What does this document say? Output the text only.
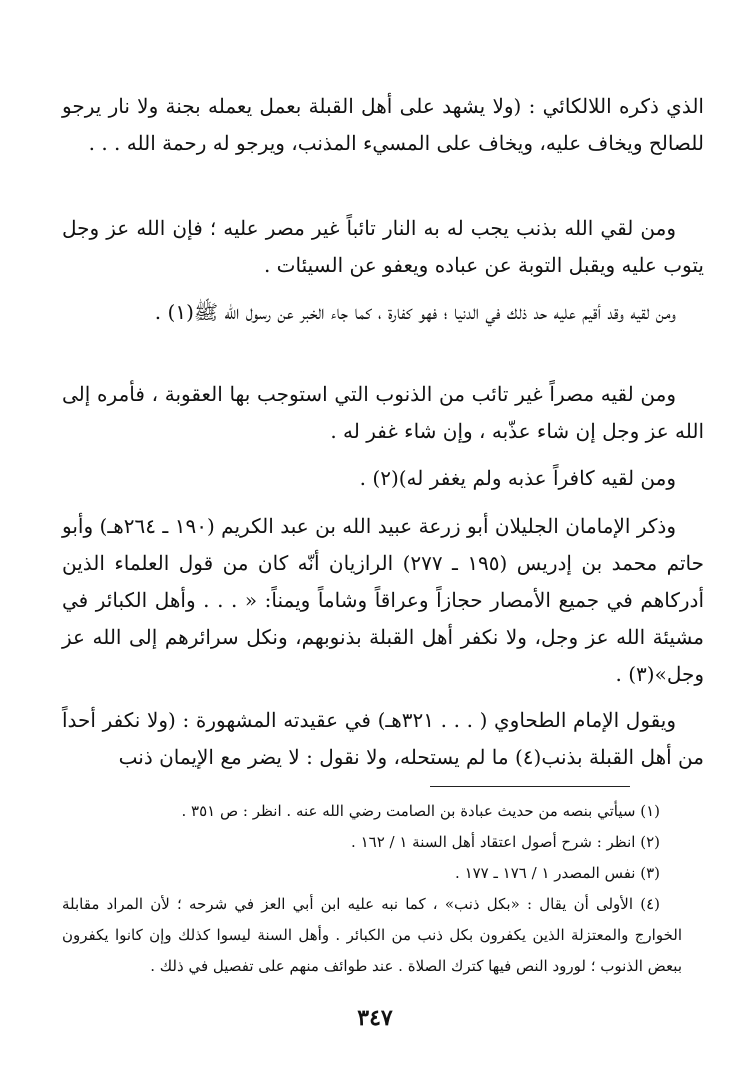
الذي ذكره اللالكائي : (ولا يشهد على أهل القبلة بعمل يعمله بجنة ولا نار يرجو للصالح ويخاف عليه، ويخاف على المسيء المذنب، ويرجو له رحمة الله . . .

ومن لقي الله بذنب يجب له به النار تائباً غير مصر عليه ؛ فإن الله عز وجل يتوب عليه ويقبل التوبة عن عباده ويعفو عن السيئات .

ومن لقيه وقد أقيم عليه حد ذلك في الدنيا ؛ فهو كفارة ، كما جاء الخبر عن رسول الله ﷺ(١) .

ومن لقيه مصراً غير تائب من الذنوب التي استوجب بها العقوبة ، فأمره إلى الله عز وجل إن شاء عذّبه ، وإن شاء غفر له .

ومن لقيه كافراً عذبه ولم يغفر له)(٢) .

وذكر الإمامان الجليلان أبو زرعة عبيد الله بن عبد الكريم (١٩٠ ـ ٢٦٤هـ) وأبو حاتم محمد بن إدريس (١٩٥ ـ ٢٧٧) الرازيان أنّه كان من قول العلماء الذين أدركاهم في جميع الأمصار حجازاً وعراقاً وشاماً ويمناً: « . . . وأهل الكبائر في مشيئة الله عز وجل، ولا نكفر أهل القبلة بذنوبهم، ونكل سرائرهم إلى الله عز وجل»(٣) .

ويقول الإمام الطحاوي ( . . . ٣٢١هـ) في عقيدته المشهورة : (ولا نكفر أحداً من أهل القبلة بذنب(٤) ما لم يستحله، ولا نقول : لا يضر مع الإيمان ذنب

(١) سيأتي بنصه من حديث عبادة بن الصامت رضي الله عنه . انظر : ص ٣٥١ .

(٢) انظر : شرح أصول اعتقاد أهل السنة ١ / ١٦٢ .

(٣) نفس المصدر ١ / ١٧٦ ـ ١٧٧ .

(٤) الأولى أن يقال : «بكل ذنب» ، كما نبه عليه ابن أبي العز في شرحه ؛ لأن المراد مقابلة الخوارج والمعتزلة الذين يكفرون بكل ذنب من الكبائر . وأهل السنة ليسوا كذلك وإن كانوا يكفرون ببعض الذنوب ؛ لورود النص فيها كترك الصلاة . عند طوائف منهم على تفصيل في ذلك .

٣٤٧
